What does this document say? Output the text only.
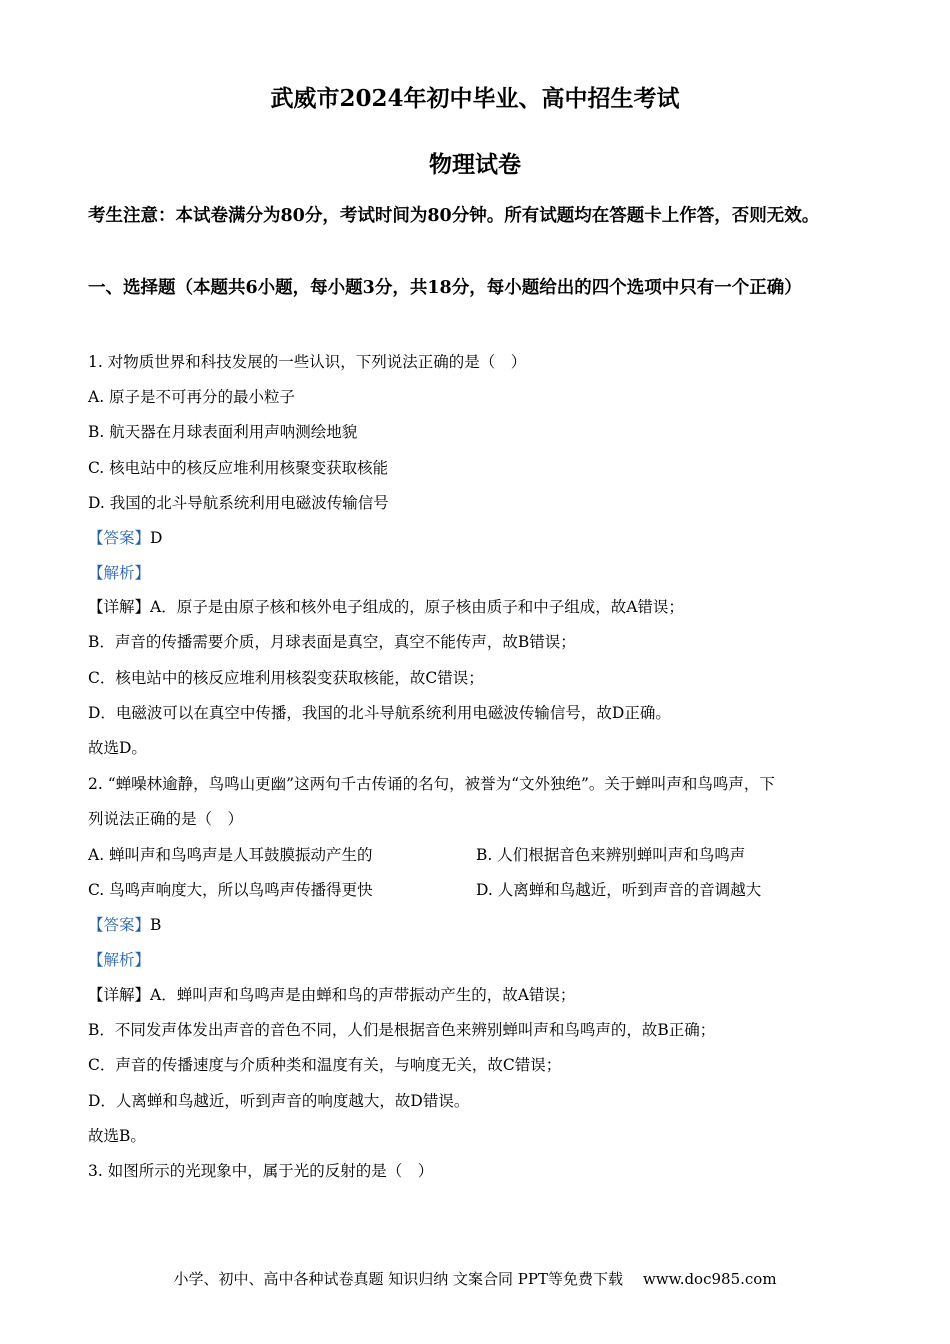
武威市2024年初中毕业、高中招生考试
物理试卷
考生注意：本试卷满分为80分，考试时间为80分钟。所有试题均在答题卡上作答，否则无效。
一、选择题（本题共6小题，每小题3分，共18分，每小题给出的四个选项中只有一个正确）
1. 对物质世界和科技发展的一些认识，下列说法正确的是（　）
A. 原子是不可再分的最小粒子
B. 航天器在月球表面利用声呐测绘地貌
C. 核电站中的核反应堆利用核聚变获取核能
D. 我国的北斗导航系统利用电磁波传输信号
【答案】D
【解析】
【详解】A．原子是由原子核和核外电子组成的，原子核由质子和中子组成，故A错误；
B．声音的传播需要介质，月球表面是真空，真空不能传声，故B错误；
C．核电站中的核反应堆利用核裂变获取核能，故C错误；
D．电磁波可以在真空中传播，我国的北斗导航系统利用电磁波传输信号，故D正确。
故选D。
2. “蝉噪林逾静，鸟鸣山更幽”这两句千古传诵的名句，被誉为“文外独绝”。关于蝉叫声和鸟鸣声，下
列说法正确的是（　）
A. 蝉叫声和鸟鸣声是人耳鼓膜振动产生的	B. 人们根据音色来辨别蝉叫声和鸟鸣声
C. 鸟鸣声响度大，所以鸟鸣声传播得更快	D. 人离蝉和鸟越近，听到声音的音调越大
【答案】B
【解析】
【详解】A．蝉叫声和鸟鸣声是由蝉和鸟的声带振动产生的，故A错误；
B．不同发声体发出声音的音色不同，人们是根据音色来辨别蝉叫声和鸟鸣声的，故B正确；
C．声音的传播速度与介质种类和温度有关，与响度无关，故C错误；
D．人离蝉和鸟越近，听到声音的响度越大，故D错误。
故选B。
3. 如图所示的光现象中，属于光的反射的是（　）
小学、初中、高中各种试卷真题 知识归纳 文案合同 PPT等免费下载 www.doc985.com
